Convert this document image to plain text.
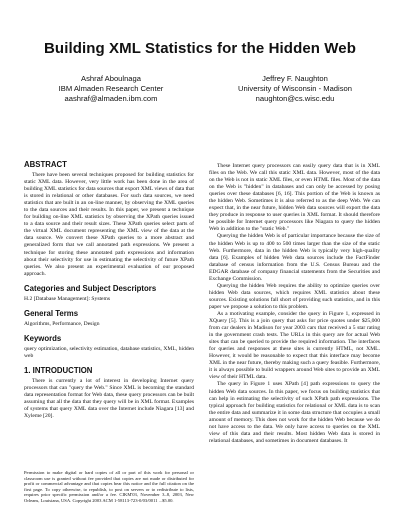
Building XML Statistics for the Hidden Web
Ashraf Aboulnaga
IBM Almaden Research Center
aashraf@almaden.ibm.com
Jeffrey F. Naughton
University of Wisconsin - Madison
naughton@cs.wisc.edu
ABSTRACT

There have been several techniques proposed for building statistics for static XML data. However, very little work has been done in the area of building XML statistics for data sources that export XML views of data that is stored in relational or other databases. For such data sources, we need statistics that are built in an on-line manner, by observing the XML queries to the data sources and their results. In this paper, we present a technique for building on-line XML statistics by observing the XPath queries issued to a data source and their result sizes. These XPath queries select parts of the virtual XML document representing the XML view of the data at the data source. We convert these XPath queries to a more abstract and generalized form that we call annotated path expressions. We present a technique for storing these annotated path expressions and information about their selectivity for use in estimating the selectivity of future XPath queries. We also present an experimental evaluation of our proposed approach.

Categories and Subject Descriptors

H.2 [Database Management]: Systems

General Terms

Algorithms, Performance, Design

Keywords

query optimization, selectivity estimation, database statistics, XML, hidden web

1. INTRODUCTION

There is currently a lot of interest in developing Internet query processors that can "query the Web." Since XML is becoming the standard data representation format for Web data, these query processors can be built assuming that all the data that they query will be in XML format. Examples of systems that query XML data over the Internet include Niagara [13] and Xyleme [20].

Permission to make digital or hard copies of all or part of this work for personal or classroom use is granted without fee provided that copies are not made or distributed for profit or commercial advantage and that copies bear this notice and the full citation on the first page. To copy otherwise, to republish, to post on servers or to redistribute to lists, requires prior specific permission and/or a fee. CIKM'03, November 3–8, 2003, New Orleans, Louisiana, USA. Copyright 2003 ACM 1-58113-723-0/03/0011 ...$5.00.

These Internet query processors can easily query data that is in XML files on the Web. We call this static XML data. However, most of the data on the Web is not in static XML files, or even HTML files. Most of the data on the Web is "hidden" in databases and can only be accessed by posing queries over these databases [6, 16]. This portion of the Web is known as the hidden Web. Sometimes it is also referred to as the deep Web. We can expect that, in the near future, hidden Web data sources will export the data they produce in response to user queries in XML format. It should therefore be possible for Internet query processors like Niagara to query the hidden Web in addition to the "static Web."

Querying the hidden Web is of particular importance because the size of the hidden Web is up to 400 to 500 times larger than the size of the static Web. Furthermore, data in the hidden Web is typically very high-quality data [6]. Examples of hidden Web data sources include the FactFinder database of census information from the U.S. Census Bureau and the EDGAR database of company financial statements from the Securities and Exchange Commission.

Querying the hidden Web requires the ability to optimize queries over hidden Web data sources, which requires XML statistics about these sources. Existing solutions fall short of providing such statistics, and in this paper we propose a solution to this problem.

As a motivating example, consider the query in Figure 1, expressed in XQuery [5]. This is a join query that asks for price quotes under $25,000 from car dealers in Madison for year 2003 cars that received a 5 star rating in the government crash tests. The URLs in this query are for actual Web sites that can be queried to provide the required information. The interfaces for queries and responses at these sites is currently HTML, not XML. However, it would be reasonable to expect that this interface may become XML in the near future, thereby making such a query feasible. Furthermore, it is always possible to build wrappers around Web sites to provide an XML view of their HTML data.

The query in Figure 1 uses XPath [4] path expressions to query the hidden Web data sources. In this paper, we focus on building statistics that can help in estimating the selectivity of such XPath path expressions. The typical approach for building statistics for relational or XML data is to scan the entire data and summarize it in some data structure that occupies a small amount of memory. This does not work for the hidden Web because we do not have access to the data. We only have access to queries on the XML view of this data and their results. Most hidden Web data is stored in relational databases, and sometimes in document databases. It
